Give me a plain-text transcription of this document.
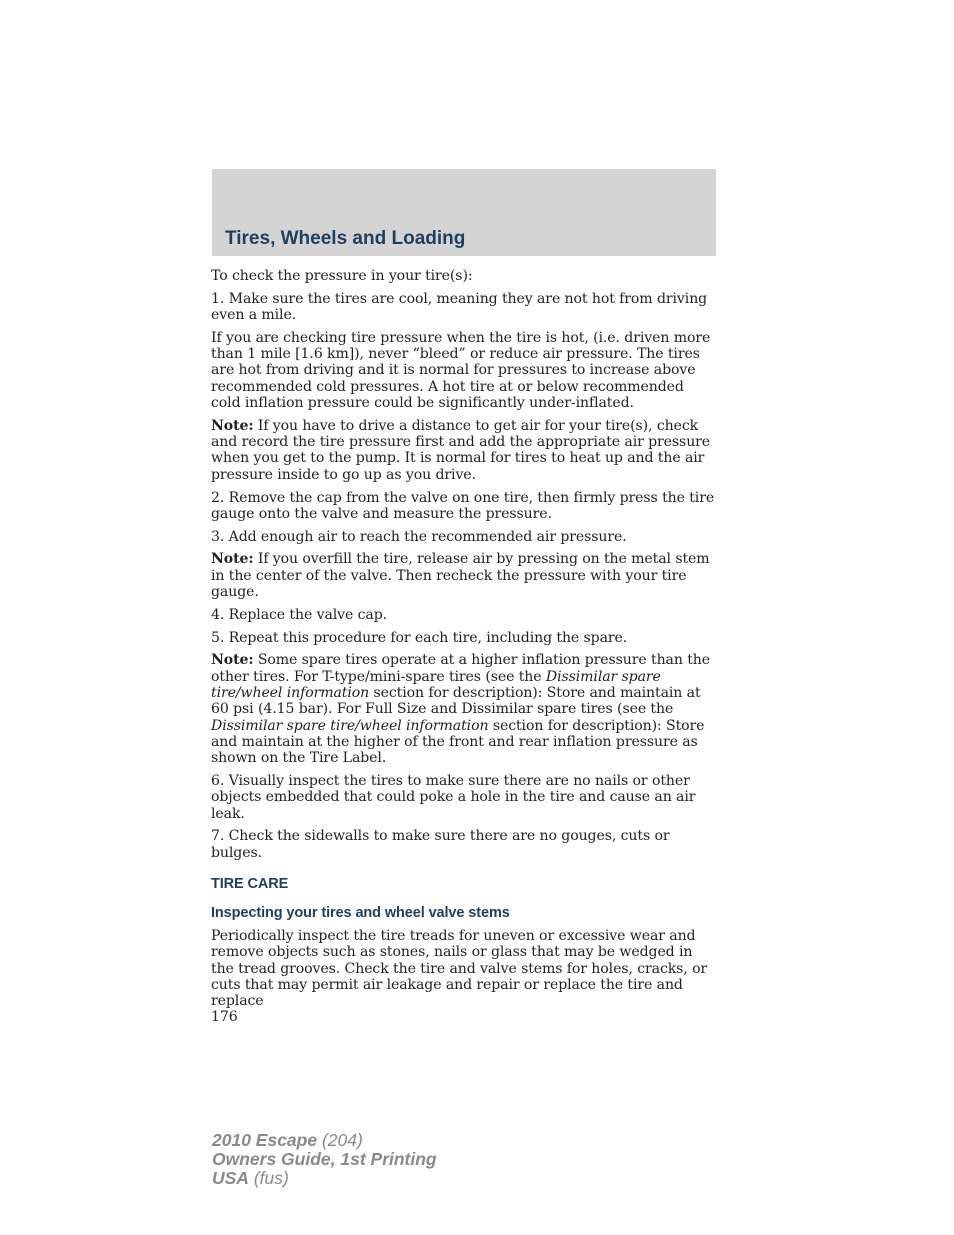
Tires, Wheels and Loading

To check the pressure in your tire(s):

1. Make sure the tires are cool, meaning they are not hot from driving even a mile.

If you are checking tire pressure when the tire is hot, (i.e. driven more than 1 mile [1.6 km]), never “bleed” or reduce air pressure. The tires are hot from driving and it is normal for pressures to increase above recommended cold pressures. A hot tire at or below recommended cold inflation pressure could be significantly under-inflated.

Note: If you have to drive a distance to get air for your tire(s), check and record the tire pressure first and add the appropriate air pressure when you get to the pump. It is normal for tires to heat up and the air pressure inside to go up as you drive.

2. Remove the cap from the valve on one tire, then firmly press the tire gauge onto the valve and measure the pressure.

3. Add enough air to reach the recommended air pressure.

Note: If you overfill the tire, release air by pressing on the metal stem in the center of the valve. Then recheck the pressure with your tire gauge.

4. Replace the valve cap.

5. Repeat this procedure for each tire, including the spare.

Note: Some spare tires operate at a higher inflation pressure than the other tires. For T-type/mini-spare tires (see the Dissimilar spare tire/wheel information section for description): Store and maintain at 60 psi (4.15 bar). For Full Size and Dissimilar spare tires (see the Dissimilar spare tire/wheel information section for description): Store and maintain at the higher of the front and rear inflation pressure as shown on the Tire Label.

6. Visually inspect the tires to make sure there are no nails or other objects embedded that could poke a hole in the tire and cause an air leak.

7. Check the sidewalls to make sure there are no gouges, cuts or bulges.

TIRE CARE
Inspecting your tires and wheel valve stems

Periodically inspect the tire treads for uneven or excessive wear and remove objects such as stones, nails or glass that may be wedged in the tread grooves. Check the tire and valve stems for holes, cracks, or cuts that may permit air leakage and repair or replace the tire and replace

176

2010 Escape (204)
Owners Guide, 1st Printing
USA (fus)
